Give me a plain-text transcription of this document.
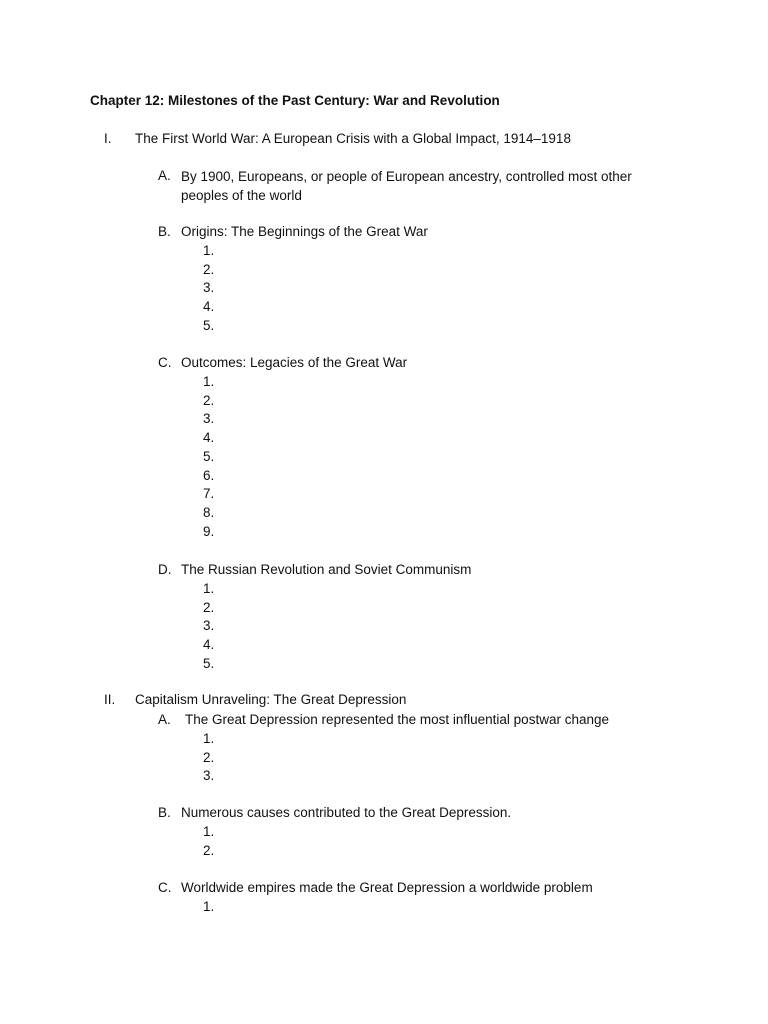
Chapter 12: Milestones of the Past Century: War and Revolution
I. The First World War: A European Crisis with a Global Impact, 1914–1918
A. By 1900, Europeans, or people of European ancestry, controlled most other peoples of the world
B. Origins: The Beginnings of the Great War
1.
2.
3.
4.
5.
C. Outcomes: Legacies of the Great War
1.
2.
3.
4.
5.
6.
7.
8.
9.
D. The Russian Revolution and Soviet Communism
1.
2.
3.
4.
5.
II. Capitalism Unraveling: The Great Depression
A. The Great Depression represented the most influential postwar change
1.
2.
3.
B. Numerous causes contributed to the Great Depression.
1.
2.
C. Worldwide empires made the Great Depression a worldwide problem
1.
